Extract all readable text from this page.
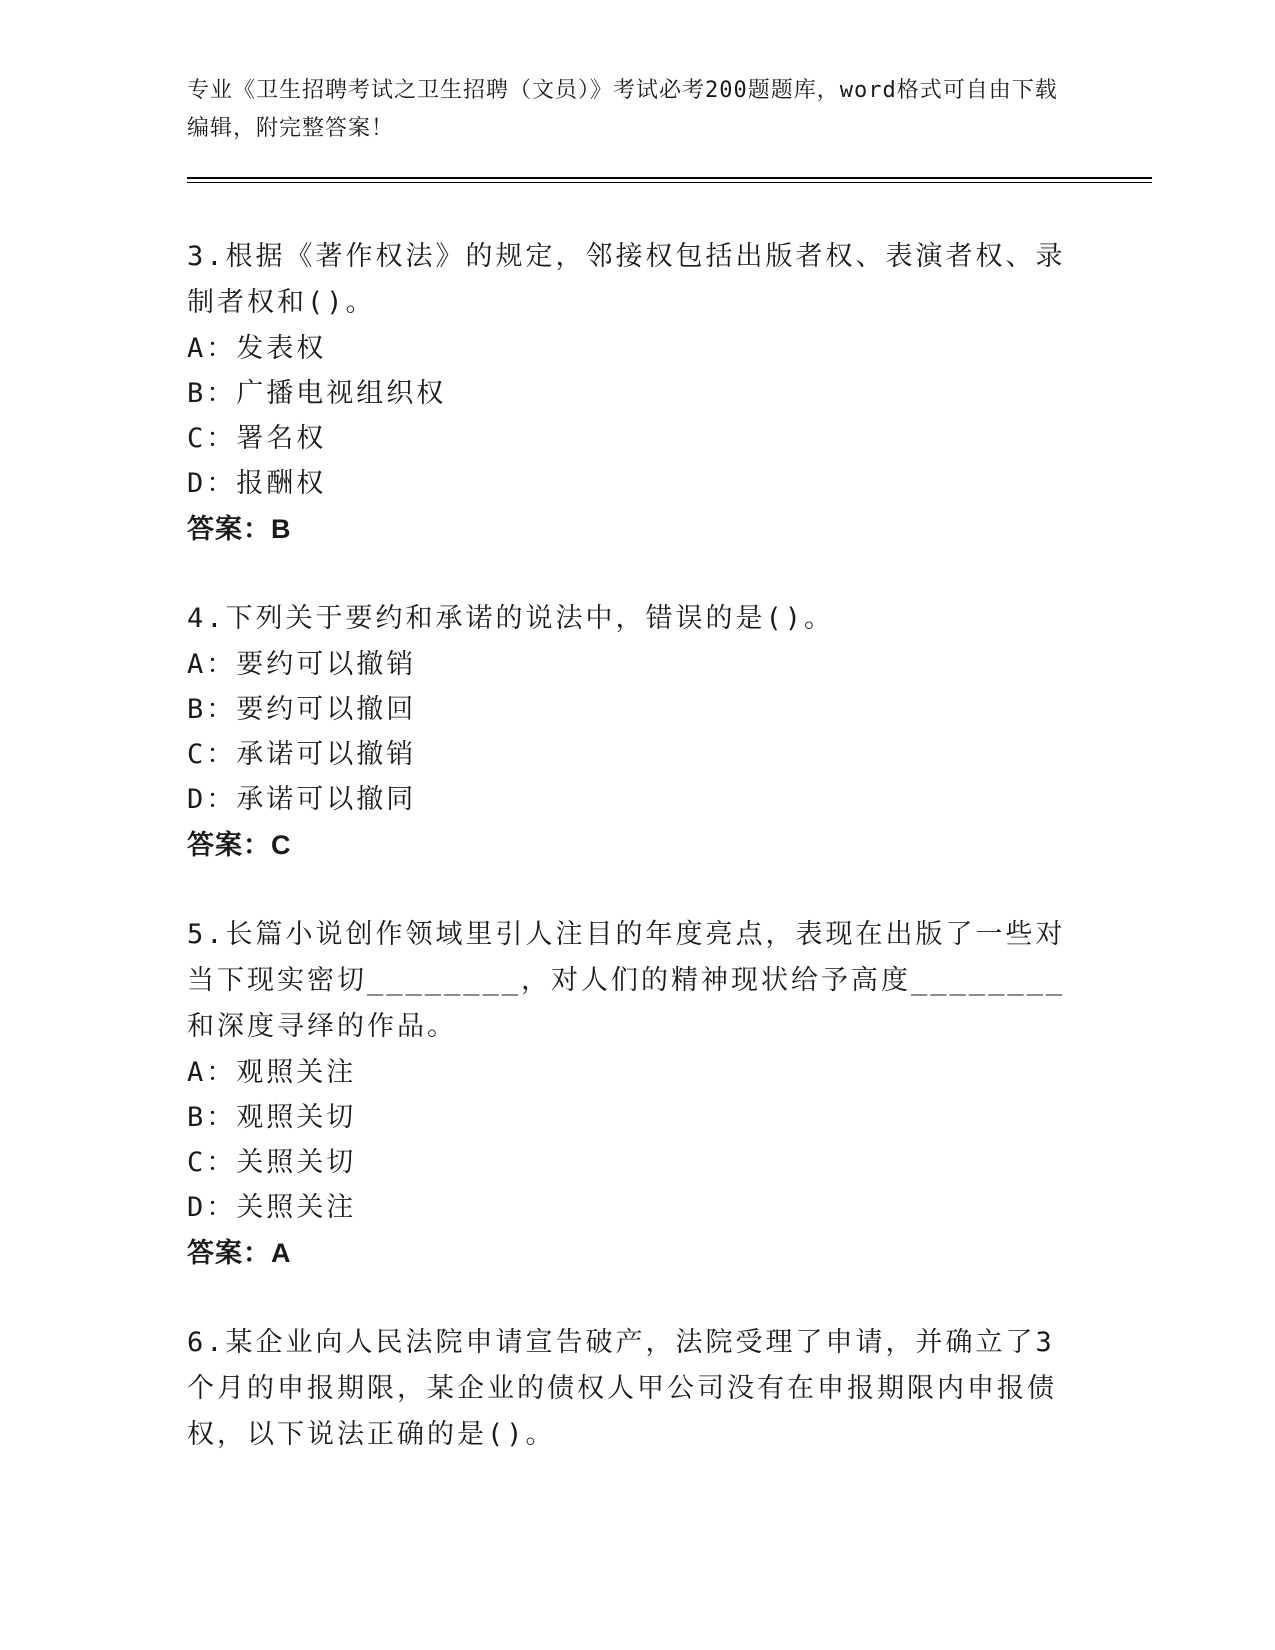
专业《卫生招聘考试之卫生招聘（文员）》考试必考200题题库，word格式可自由下载编辑，附完整答案！
3.根据《著作权法》的规定，邻接权包括出版者权、表演者权、录制者权和()。
A：发表权
B：广播电视组织权
C：署名权
D：报酬权
答案：B
4.下列关于要约和承诺的说法中，错误的是()。
A：要约可以撤销
B：要约可以撤回
C：承诺可以撤销
D：承诺可以撤同
答案：C
5.长篇小说创作领域里引人注目的年度亮点，表现在出版了一些对当下现实密切________，对人们的精神现状给予高度________和深度寻绎的作品。
A：观照关注
B：观照关切
C：关照关切
D：关照关注
答案：A
6.某企业向人民法院申请宣告破产，法院受理了申请，并确立了3个月的申报期限，某企业的债权人甲公司没有在申报期限内申报债权，以下说法正确的是()。
